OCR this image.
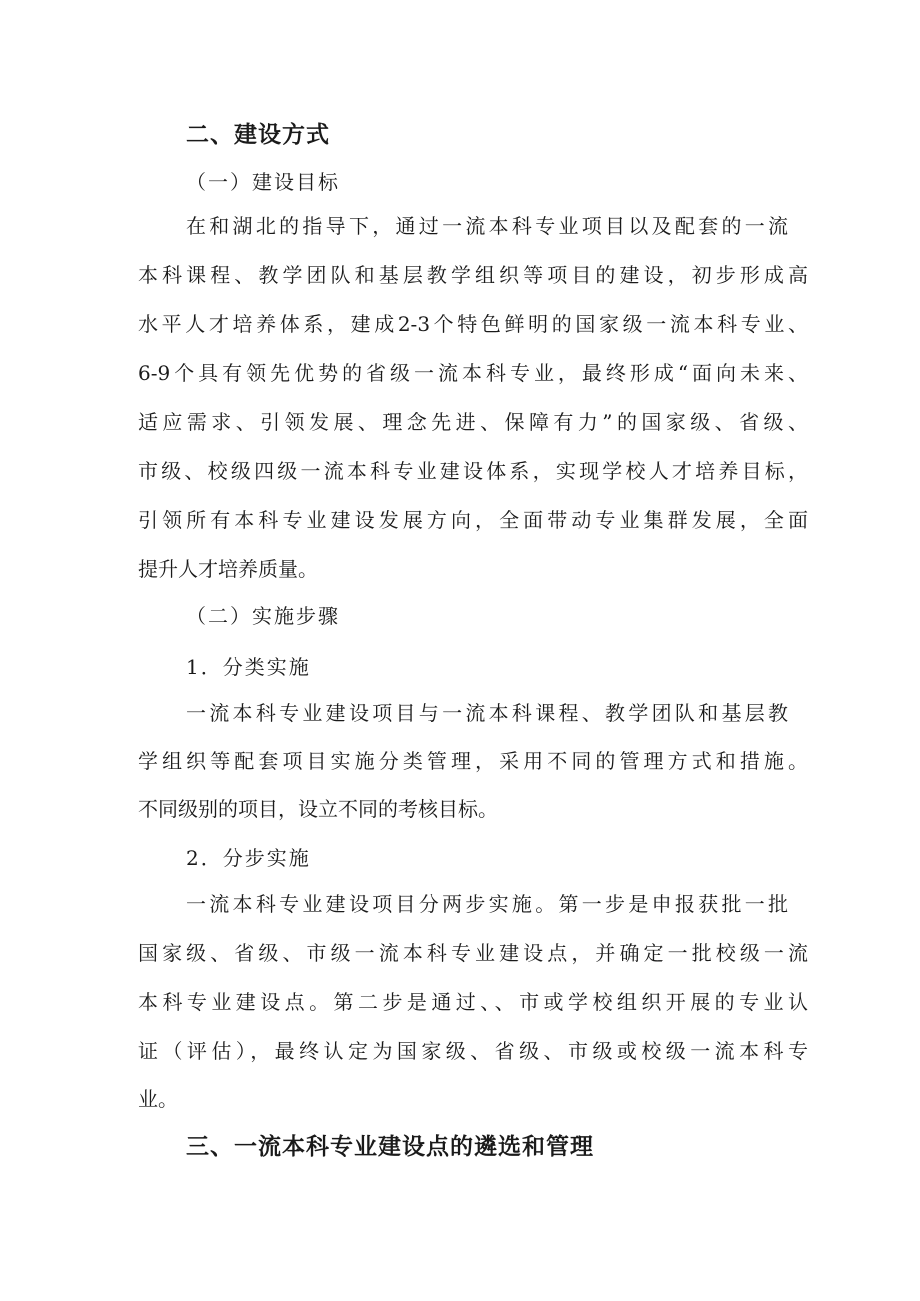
二、建设方式
（一）建设目标
在和湖北的指导下，通过一流本科专业项目以及配套的一流
本科课程、教学团队和基层教学组织等项目的建设，初步形成高
水平人才培养体系，建成2-3个特色鲜明的国家级一流本科专业、
6-9个具有领先优势的省级一流本科专业，最终形成“面向未来、
适应需求、引领发展、理念先进、保障有力”的国家级、省级、
市级、校级四级一流本科专业建设体系，实现学校人才培养目标，
引领所有本科专业建设发展方向，全面带动专业集群发展，全面
提升人才培养质量。
（二）实施步骤
1．分类实施
一流本科专业建设项目与一流本科课程、教学团队和基层教
学组织等配套项目实施分类管理，采用不同的管理方式和措施。
不同级别的项目，设立不同的考核目标。
2．分步实施
一流本科专业建设项目分两步实施。第一步是申报获批一批
国家级、省级、市级一流本科专业建设点，并确定一批校级一流
本科专业建设点。第二步是通过、、市或学校组织开展的专业认
证（评估），最终认定为国家级、省级、市级或校级一流本科专
业。
三、一流本科专业建设点的遴选和管理
